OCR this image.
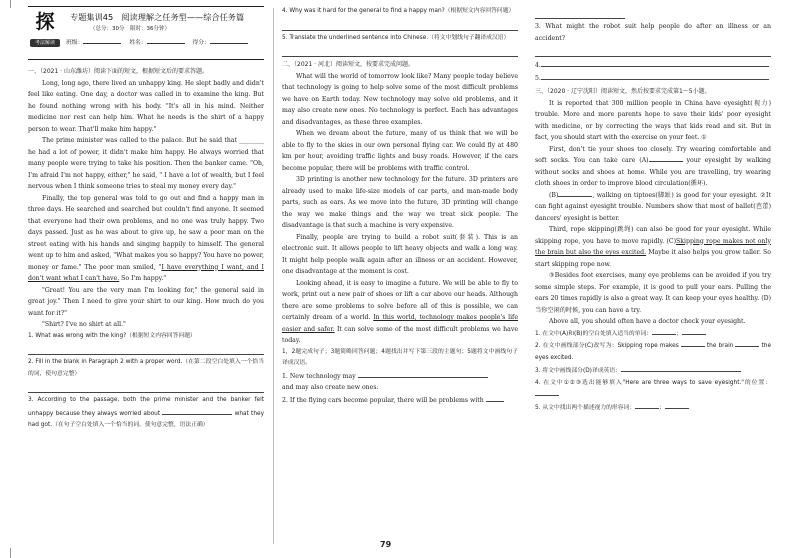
探
考法解读
专题集训45　阅读理解之任务型——综合任务篇
（总分：30分　限时：36分钟）
班级：	姓名：	得分：
一、（2021 · 山东潍坊）阅读下面的短文，根据短文后的要求答题。

Long, long ago, there lived an unhappy king. He slept badly and didn't feel like eating. One day, a doctor was called in to examine the king. But he found nothing wrong with his body. "It's all in his mind. Neither medicine nor rest can help him. What he needs is the shirt of a happy person to wear. That'll make him happy."

The prime minister was called to the palace. But he said that ________ he had a lot of power, it didn't make him happy. He always worried that many people were trying to take his position. Then the banker came. "Oh, I'm afraid I'm not happy, either," he said, " I have a lot of wealth, but I feel nervous when I think someone tries to steal my money every day."

Finally, the top general was told to go out and find a happy man in three days. He searched and searched but couldn't find anyone. It seemed that everyone had their own problems, and no one was truly happy. Two days passed. Just as he was about to give up, he saw a poor man on the street eating with his hands and singing happily to himself. The general went up to him and asked, "What makes you so happy? You have no power, money or fame." The poor man smiled, "I have everything I want, and I don't want what I can't have. So I'm happy."

"Great! You are the very man I'm looking for," the general said in great joy." Then I need to give your shirt to our king. How much do you want for it?"

"Shirt? I've no shirt at all."

1. What was wrong with the king?（根据短文内容回答问题）

2. Fill in the blank in Paragraph 2 with a proper word.（在第二段空白处填入一个恰当的词，使句意完整）

3. According to the passage, both the prime minister and the banker felt unhappy because they always worried about	what they had got.（在句子空白处填入一个恰当的词，使句意完整，语法正确）

4. Why was it hard for the general to find a happy man?（根据短文内容回答问题）

5. Translate the underlined sentence into Chinese.（将文中划线句子翻译成汉语）

二、（2021 · 河北）阅读短文，按要求完成问题。

What will the world of tomorrow look like? Many people today believe that technology is going to help solve some of the most difficult problems we have on Earth today. New technology may solve old problems, and it may also create new ones. No technology is perfect. Each has advantages and disadvantages, as these three examples.

When we dream about the future, many of us think that we will be able to fly to the skies in our own personal flying car. We could fly at 480 km per hour, avoiding traffic lights and busy roads. However, if the cars become popular, there will be problems with traffic control.

3D printing is another new technology for the future. 3D printers are already used to make life-size models of car parts, and man-made body parts, such as ears. As we move into the future, 3D printing will change the way we make things and the way we treat sick people. The disadvantage is that such a machine is very expensive.

Finally, people are trying to build a robot suit(套装). This is an electronic suit. It allows people to lift heavy objects and walk a long way. It might help people walk again after an illness or an accident. However, one disadvantage at the moment is cost.

Looking ahead, it is easy to imagine a future. We will be able to fly to work, print out a new pair of shoes or lift a car above our heads. Although there are some problems to solve before all of this is possible, we can certainly dream of a world. In this world, technology makes people's life easier and safer. It can solve some of the most difficult problems we have today.

1，2题完成句子；3题简略回答问题；4题找出并写下第三段的主题句；5题将文中画线句子译成汉语。

1. New technology may

and may also create new ones.

2. If the flying cars become popular, there will be problems with

3. What might the robot suit help people do after an illness or an accident?

4.

5.

三、（2020 · 辽宁沈阳）阅读短文，然后按要求完成第1～5小题。

It is reported that 300 million people in China have eyesight(视力) trouble. More and more parents hope to save their kids' poor eyesight with medicine, or by correcting the ways that kids read and sit. But in fact, you should start with the exercise on your feet. ①

First, don't tie your shoes too closely. Try wearing comfortable and soft socks. You can take care (A)	your eyesight by walking without socks and shoes at home. While you are travelling, try wearing cloth shoes in order to improve blood circulation(循环).

(B)	, walking on tiptoes(脚趾) is good for your eyesight. ②It can fight against eyesight trouble. Numbers show that most of ballet(芭蕾) dancers' eyesight is better.

Third, rope skipping(跳绳) can also be good for your eyesight. While skipping rope, you have to move rapidly. (C)Skipping rope makes not only the brain but also the eyes excited. Maybe it also helps you grow taller. So start skipping rope now.

③Besides foot exercises, many eye problems can be avoided if you try some simple steps. For example, it is good to pull your ears. Pulling the ears 20 times rapidly is also a great way. It can keep your eyes healthy. (D)当你空闲的时候, you can have a try.

Above all, you should often have a doctor check your eyesight.

1. 在文中(A)和(B)的空白处填入适当的单词：	；

2. 在文中画线部分(C)改写为：Skipping rope makes	the brain	the eyes excited.

3. 将文中画线部分(D)译成英语：

4. 在文中①②③选出能够填入"Here are three ways to save eyesight."的位置：

5. 从文中找出两个描述视力的形容词：	；

79
